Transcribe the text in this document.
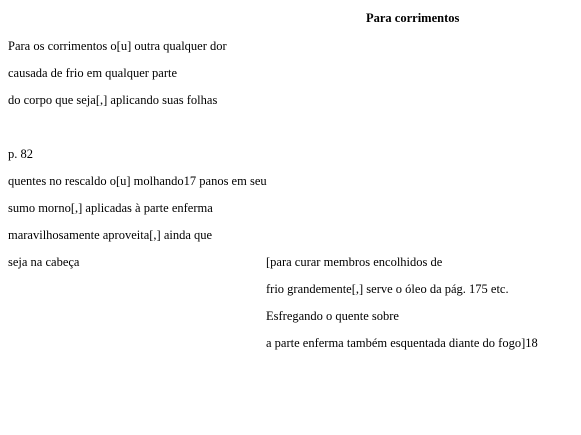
Para corrimentos
Para os corrimentos o[u] outra qualquer dor
causada de frio em qualquer parte
do corpo que seja[,] aplicando suas folhas
p. 82
quentes no rescaldo o[u] molhando17 panos em seu
sumo morno[,] aplicadas à parte enferma
maravilhosamente aproveita[,] ainda que
seja na cabeça	[para curar membros encolhidos de
frio grandemente[,] serve o óleo da pág. 175 etc.
Esfregando o quente sobre
a parte enferma também esquentada diante do fogo]18
